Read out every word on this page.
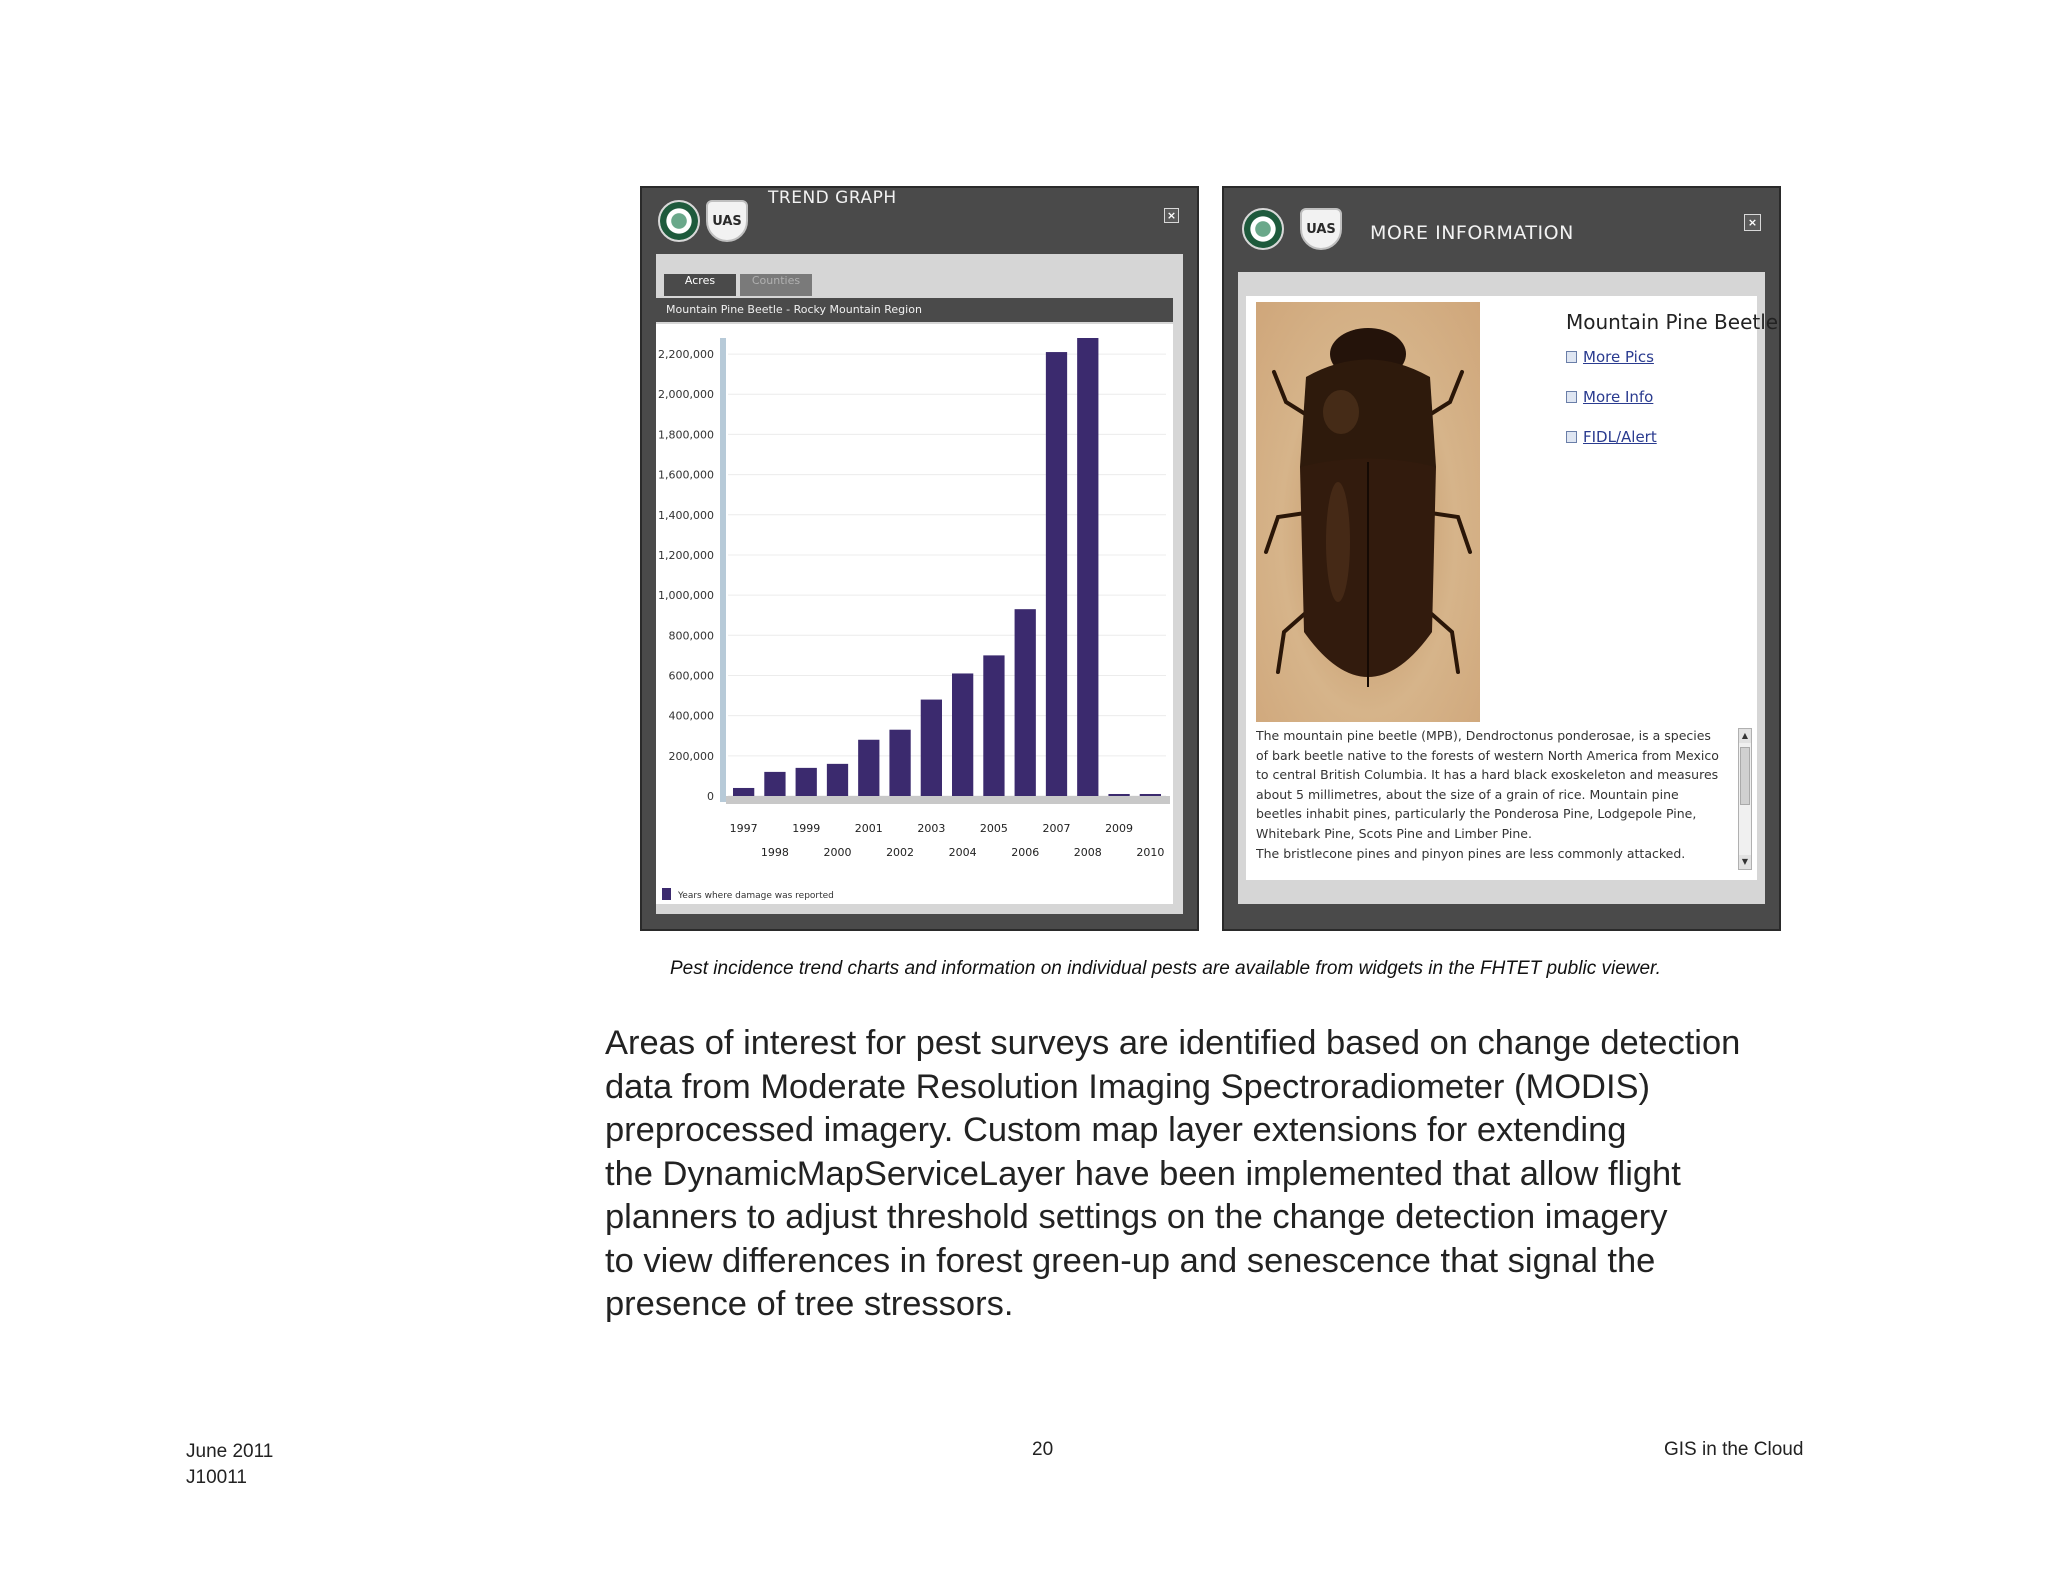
UAS
TREND GRAPH
×
Acres	Counties
Mountain Pine Beetle - Rocky Mountain Region
0
200,000
400,000
600,000
800,000
1,000,000
1,200,000
1,400,000
1,600,000
1,800,000
2,000,000
2,200,000
1997
1998
1999
2000
2001
2002
2003
2004
2005
2006
2007
2008
2009
2010
Years where damage was reported
UAS	MORE INFORMATION	×
Mountain Pine Beetle
More Pics
More Info
FIDL/Alert
The mountain pine beetle (MPB), Dendroctonus ponderosae, is a species
of bark beetle native to the forests of western North America from Mexico
to central British Columbia. It has a hard black exoskeleton and measures
about 5 millimetres, about the size of a grain of rice. Mountain pine
beetles inhabit pines, particularly the Ponderosa Pine, Lodgepole Pine,
Whitebark Pine, Scots Pine and Limber Pine.
The bristlecone pines and pinyon pines are less commonly attacked.
▲
▼
Pest incidence trend charts and information on individual pests are available from widgets in the FHTET public viewer.
Areas of interest for pest surveys are identified based on change detection
data from Moderate Resolution Imaging Spectroradiometer (MODIS)
preprocessed imagery. Custom map layer extensions for extending
the DynamicMapServiceLayer have been implemented that allow flight
planners to adjust threshold settings on the change detection imagery
to view differences in forest green-up and senescence that signal the
presence of tree stressors.
June 2011
J10011
20	GIS in the Cloud
